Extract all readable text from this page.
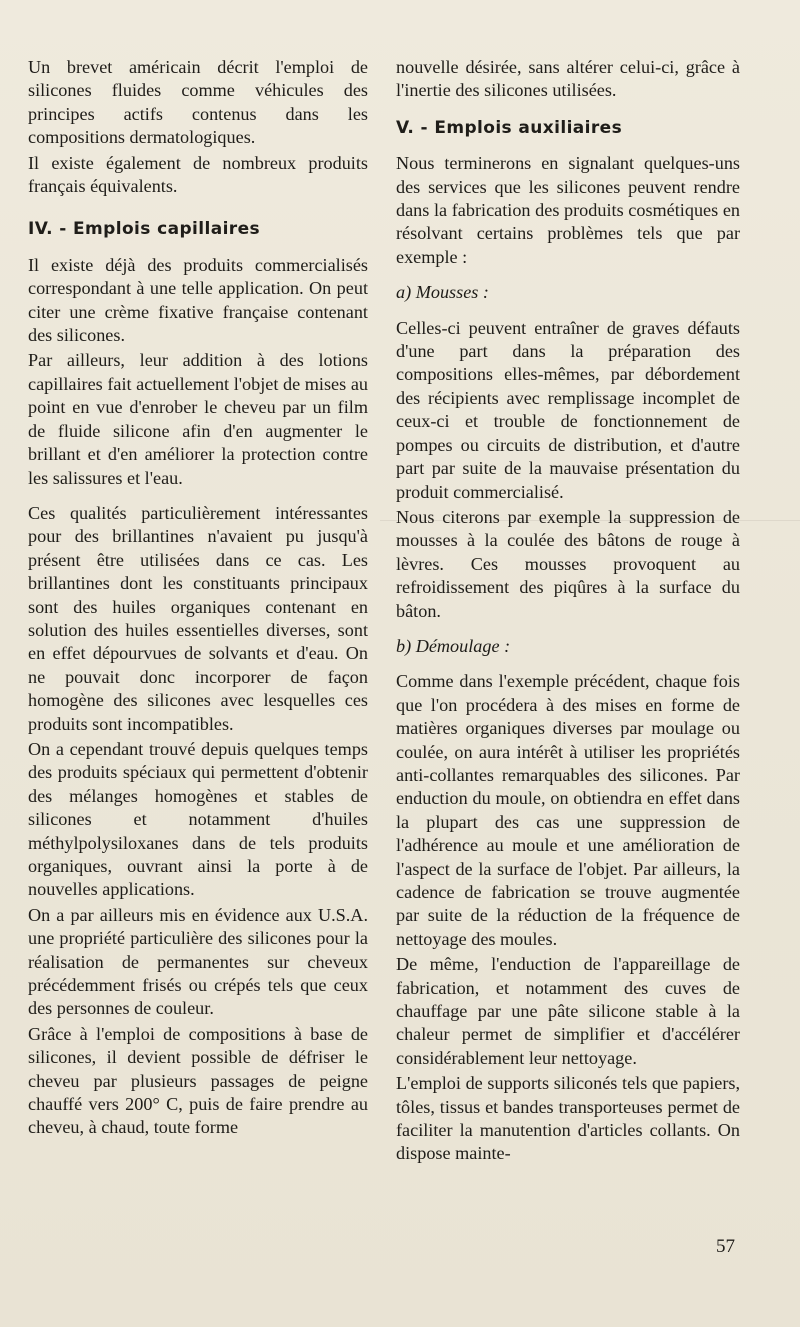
Un brevet américain décrit l'emploi de silicones fluides comme véhicules des principes actifs contenus dans les compositions dermatologiques.

Il existe également de nombreux produits français équivalents.

IV. - Emplois capillaires

Il existe déjà des produits commercialisés correspondant à une telle application. On peut citer une crème fixative française contenant des silicones.

Par ailleurs, leur addition à des lotions capillaires fait actuellement l'objet de mises au point en vue d'enrober le cheveu par un film de fluide silicone afin d'en augmenter le brillant et d'en améliorer la protection contre les salissures et l'eau.

Ces qualités particulièrement intéressantes pour des brillantines n'avaient pu jusqu'à présent être utilisées dans ce cas. Les brillantines dont les constituants principaux sont des huiles organiques contenant en solution des huiles essentielles diverses, sont en effet dépourvues de solvants et d'eau. On ne pouvait donc incorporer de façon homogène des silicones avec lesquelles ces produits sont incompatibles.

On a cependant trouvé depuis quelques temps des produits spéciaux qui permettent d'obtenir des mélanges homogènes et stables de silicones et notamment d'huiles méthylpolysiloxanes dans de tels produits organiques, ouvrant ainsi la porte à de nouvelles applications.

On a par ailleurs mis en évidence aux U.S.A. une propriété particulière des silicones pour la réalisation de permanentes sur cheveux précédemment frisés ou crépés tels que ceux des personnes de couleur.

Grâce à l'emploi de compositions à base de silicones, il devient possible de défriser le cheveu par plusieurs passages de peigne chauffé vers 200° C, puis de faire prendre au cheveu, à chaud, toute forme

nouvelle désirée, sans altérer celui-ci, grâce à l'inertie des silicones utilisées.

V. - Emplois auxiliaires

Nous terminerons en signalant quelques-uns des services que les silicones peuvent rendre dans la fabrication des produits cosmétiques en résolvant certains problèmes tels que par exemple :

a) Mousses :

Celles-ci peuvent entraîner de graves défauts d'une part dans la préparation des compositions elles-mêmes, par débordement des récipients avec remplissage incomplet de ceux-ci et trouble de fonctionnement de pompes ou circuits de distribution, et d'autre part par suite de la mauvaise présentation du produit commercialisé.

Nous citerons par exemple la suppression de mousses à la coulée des bâtons de rouge à lèvres. Ces mousses provoquent au refroidissement des piqûres à la surface du bâton.

b) Démoulage :

Comme dans l'exemple précédent, chaque fois que l'on procédera à des mises en forme de matières organiques diverses par moulage ou coulée, on aura intérêt à utiliser les propriétés anti-collantes remarquables des silicones. Par enduction du moule, on obtiendra en effet dans la plupart des cas une suppression de l'adhérence au moule et une amélioration de l'aspect de la surface de l'objet. Par ailleurs, la cadence de fabrication se trouve augmentée par suite de la réduction de la fréquence de nettoyage des moules.

De même, l'enduction de l'appareillage de fabrication, et notamment des cuves de chauffage par une pâte silicone stable à la chaleur permet de simplifier et d'accélérer considérablement leur nettoyage.

L'emploi de supports siliconés tels que papiers, tôles, tissus et bandes transporteuses permet de faciliter la manutention d'articles collants. On dispose mainte-

57
